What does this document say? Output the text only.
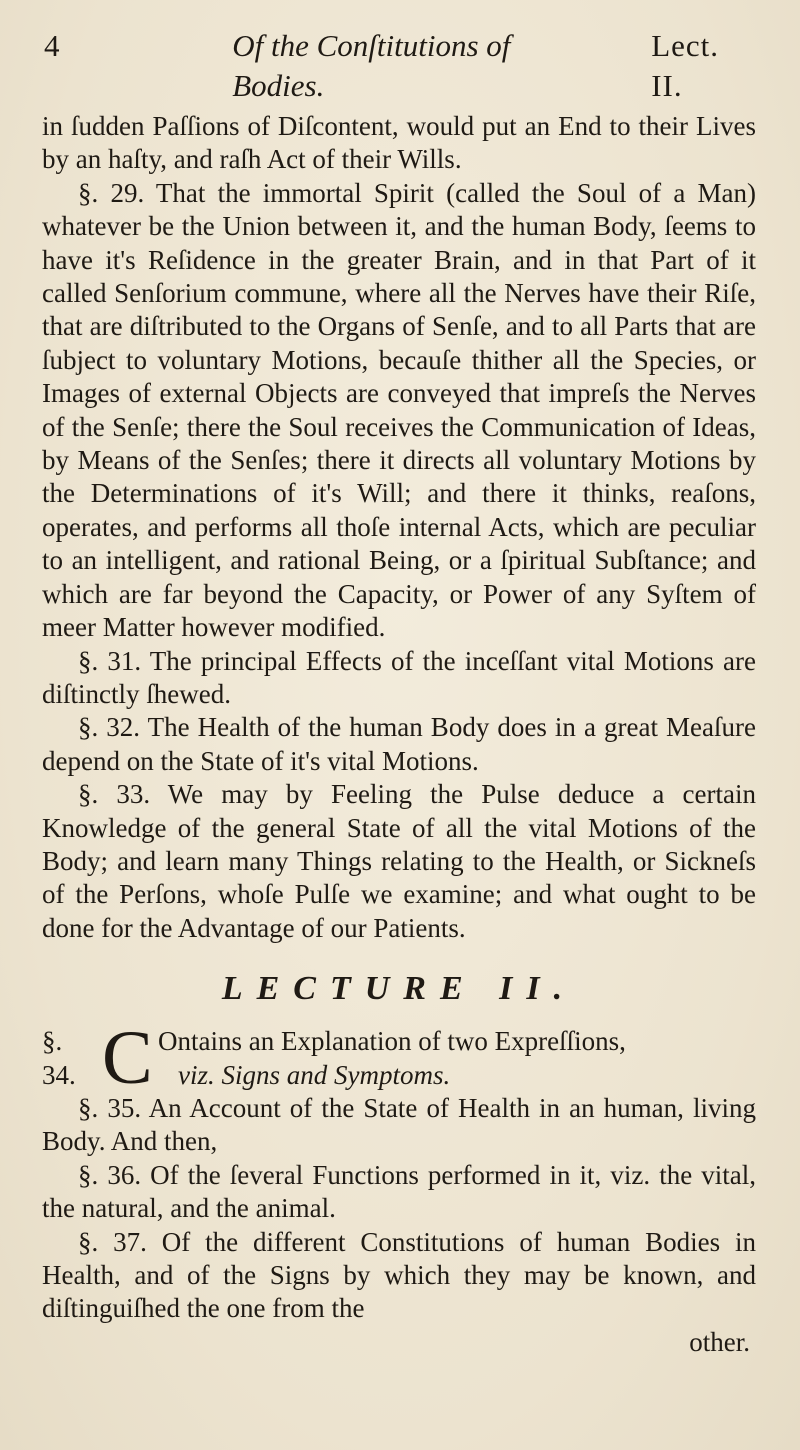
4	Of the Conſtitutions of Bodies.
Lect. II.

in ſudden Paſſions of Diſcontent, would put an End to their Lives by an haſty, and raſh Act of their Wills.

§. 29. That the immortal Spirit (called the Soul of a Man) whatever be the Union between it, and the human Body, ſeems to have it's Reſidence in the greater Brain, and in that Part of it called Senſorium commune, where all the Nerves have their Riſe, that are diſtributed to the Organs of Senſe, and to all Parts that are ſubject to voluntary Motions, becauſe thither all the Species, or Images of external Objects are conveyed that impreſs the Nerves of the Senſe; there the Soul receives the Communication of Ideas, by Means of the Senſes; there it directs all voluntary Motions by the Determinations of it's Will; and there it thinks, reaſons, operates, and performs all thoſe internal Acts, which are peculiar to an intelligent, and rational Being, or a ſpiritual Subſtance; and which are far beyond the Capacity, or Power of any Syſtem of meer Matter however modified.

§. 31. The principal Effects of the inceſſant vital Motions are diſtinctly ſhewed.

§. 32. The Health of the human Body does in a great Meaſure depend on the State of it's vital Motions.

§. 33. We may by Feeling the Pulse deduce a certain Knowledge of the general State of all the vital Motions of the Body; and learn many Things relating to the Health, or Sickneſs of the Perſons, whoſe Pulſe we examine; and what ought to be done for the Advantage of our Patients.

LECTURE II.
§. 34. C Ontains an Explanation of two Expreſſions,
viz. Signs and Symptoms.

§. 35. An Account of the State of Health in an human, living Body. And then,

§. 36. Of the ſeveral Functions performed in it, viz. the vital, the natural, and the animal.

§. 37. Of the different Constitutions of human Bodies in Health, and of the Signs by which they may be known, and diſtinguiſhed the one from the

other.
